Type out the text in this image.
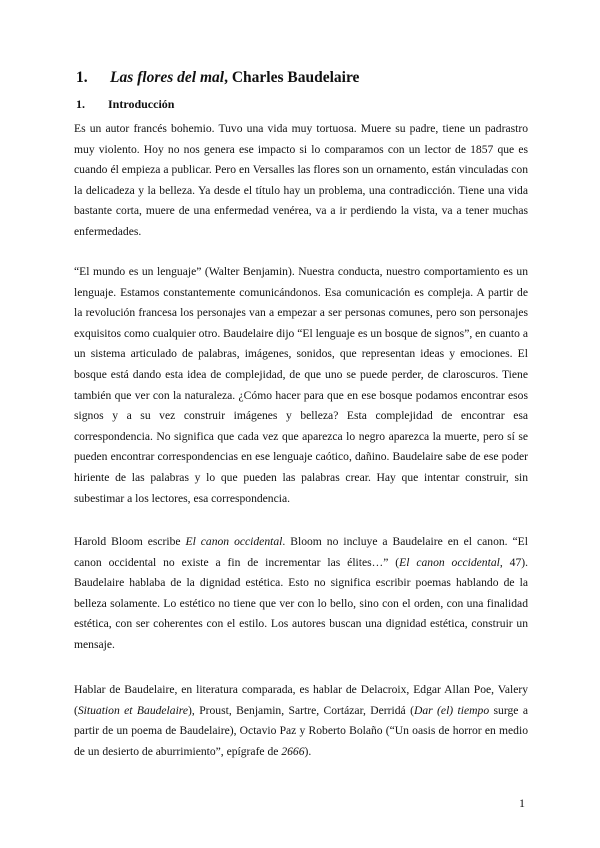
1. Las flores del mal, Charles Baudelaire
1. Introducción

Es un autor francés bohemio. Tuvo una vida muy tortuosa. Muere su padre, tiene un padrastro muy violento. Hoy no nos genera ese impacto si lo comparamos con un lector de 1857 que es cuando él empieza a publicar. Pero en Versalles las flores son un ornamento, están vinculadas con la delicadeza y la belleza. Ya desde el título hay un problema, una contradicción. Tiene una vida bastante corta, muere de una enfermedad venérea, va a ir perdiendo la vista, va a tener muchas enfermedades.

“El mundo es un lenguaje” (Walter Benjamin). Nuestra conducta, nuestro comportamiento es un lenguaje. Estamos constantemente comunicándonos. Esa comunicación es compleja. A partir de la revolución francesa los personajes van a empezar a ser personas comunes, pero son personajes exquisitos como cualquier otro. Baudelaire dijo “El lenguaje es un bosque de signos”, en cuanto a un sistema articulado de palabras, imágenes, sonidos, que representan ideas y emociones. El bosque está dando esta idea de complejidad, de que uno se puede perder, de claroscuros. Tiene también que ver con la naturaleza. ¿Cómo hacer para que en ese bosque podamos encontrar esos signos y a su vez construir imágenes y belleza? Esta complejidad de encontrar esa correspondencia. No significa que cada vez que aparezca lo negro aparezca la muerte, pero sí se pueden encontrar correspondencias en ese lenguaje caótico, dañino. Baudelaire sabe de ese poder hiriente de las palabras y lo que pueden las palabras crear. Hay que intentar construir, sin subestimar a los lectores, esa correspondencia.

Harold Bloom escribe El canon occidental. Bloom no incluye a Baudelaire en el canon. “El canon occidental no existe a fin de incrementar las élites…” (El canon occidental, 47). Baudelaire hablaba de la dignidad estética. Esto no significa escribir poemas hablando de la belleza solamente. Lo estético no tiene que ver con lo bello, sino con el orden, con una finalidad estética, con ser coherentes con el estilo. Los autores buscan una dignidad estética, construir un mensaje.

Hablar de Baudelaire, en literatura comparada, es hablar de Delacroix, Edgar Allan Poe, Valery (Situation et Baudelaire), Proust, Benjamin, Sartre, Cortázar, Derridá (Dar (el) tiempo surge a partir de un poema de Baudelaire), Octavio Paz y Roberto Bolaño (“Un oasis de horror en medio de un desierto de aburrimiento”, epígrafe de 2666).

1
